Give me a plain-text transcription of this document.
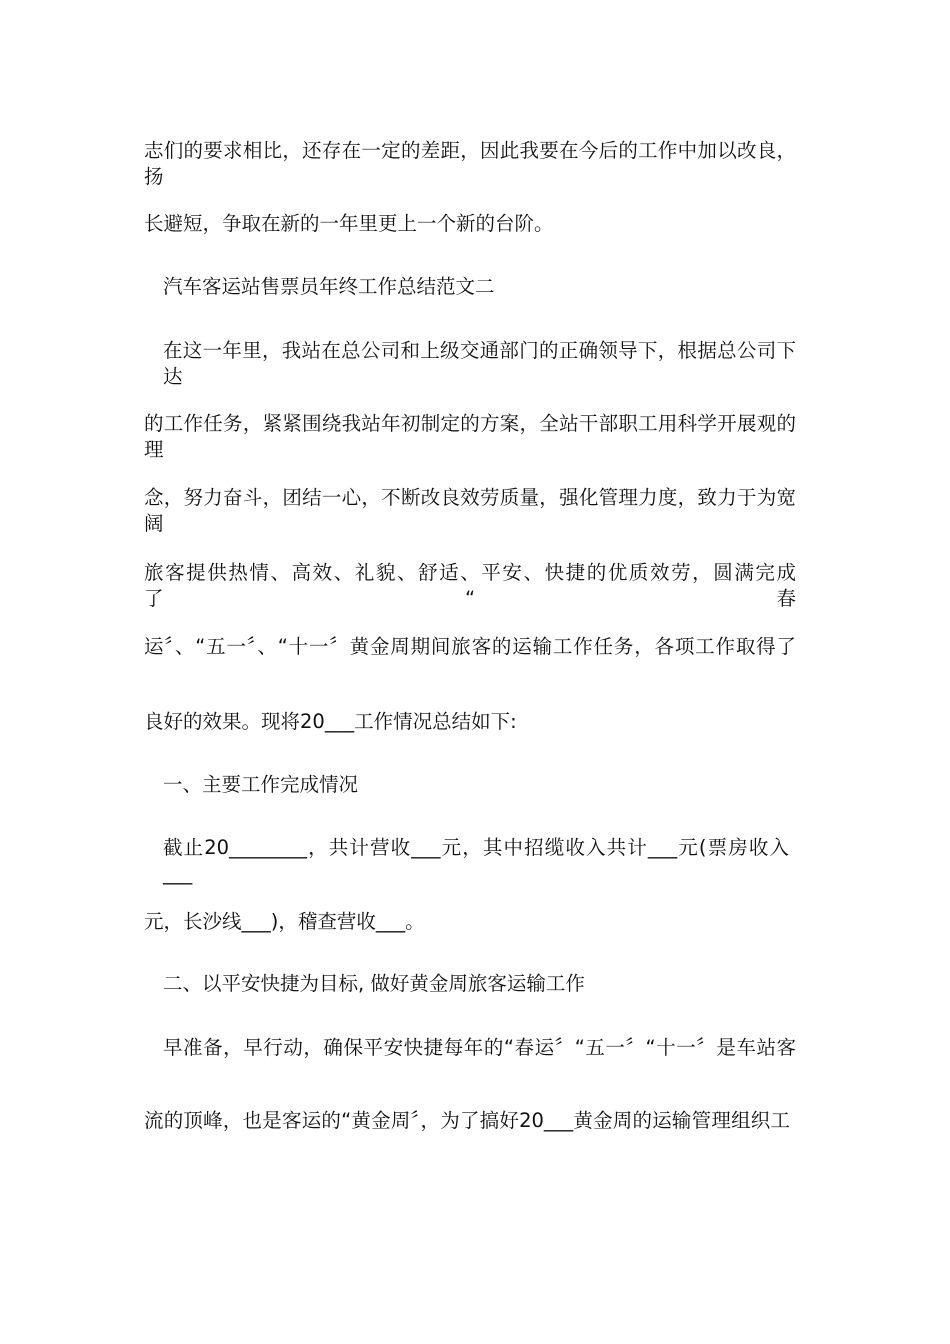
志们的要求相比，还存在一定的差距，因此我要在今后的工作中加以改良，扬
长避短，争取在新的一年里更上一个新的台阶。
汽车客运站售票员年终工作总结范文二
在这一年里，我站在总公司和上级交通部门的正确领导下，根据总公司下达
的工作任务，紧紧围绕我站年初制定的方案，全站干部职工用科学开展观的理
念，努力奋斗，团结一心，不断改良效劳质量，强化管理力度，致力于为宽阔
旅客提供热情、高效、礼貌、舒适、平安、快捷的优质效劳，圆满完成了“春
运〞、“五一〞、“十一〞黄金周期间旅客的运输工作任务，各项工作取得了
良好的效果。现将20___工作情况总结如下:
一、主要工作完成情况
截止20________，共计营收___元，其中招缆收入共计___元(票房收入___
元，长沙线___)，稽查营收___。
二、以平安快捷为目标, 做好黄金周旅客运输工作
早准备，早行动，确保平安快捷每年的“春运〞“五一〞“十一〞是车站客
流的顶峰，也是客运的“黄金周〞，为了搞好20___黄金周的运输管理组织工
